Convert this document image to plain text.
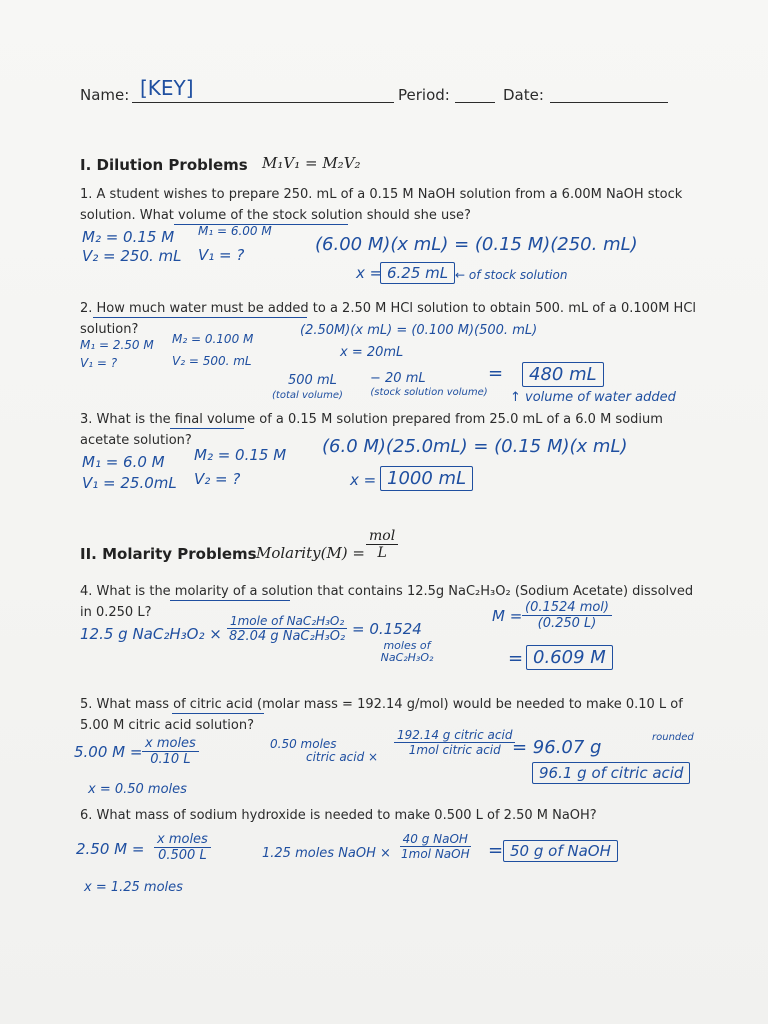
Name: [KEY]	Period:	Date:
I. Dilution Problems M₁V₁ = M₂V₂
1. A student wishes to prepare 250. mL of a 0.15 M NaOH solution from a 6.00M NaOH stock
solution. What volume of the stock solution should she use?
M₂ = 0.15 M M₁ = 6.00 M
V₂ = 250. mL V₁ = ?	(6.00 M)(x mL) = (0.15 M)(250. mL)
x = 6.25 mL ← of stock solution
2. How much water must be added to a 2.50 M HCl solution to obtain 500. mL of a 0.100M HCl
solution?
M₁ = 2.50 M M₂ = 0.100 M
V₁ = ?	V₂ = 500. mL
(2.50M)(x mL) = (0.100 M)(500. mL)
x = 20mL
500 mL	− 20 mL	=	480 mL
(total volume)	(stock solution volume) ↑ volume of water added
3. What is the final volume of a 0.15 M solution prepared from 25.0 mL of a 6.0 M sodium
acetate solution?
M₁ = 6.0 M M₂ = 0.15 M
V₁ = 25.0mL V₂ = ?
(6.0 M)(25.0mL) = (0.15 M)(x mL)
x = 1000 mL
II. Molarity Problems Molarity(M) = $\frac{\text{mol}}{L}$
4. What is the molarity of a solution that contains 12.5g NaC₂H₃O₂ (Sodium Acetate) dissolved
in 0.250 L?
12.5 g $NaC_2H_3O_2 \times \frac{\text{1mole of NaC₂H₃O₂}}{\text{82.04 g NaC₂H₃O₂}} = 0.1524$
moles of NaC₂H₃O₂
$M = \frac{\text{(0.1524 mol)}}{(0.250 L)}$
= 0.609 M
5. What mass of citric acid (molar mass = 192.14 g/mol) would be needed to make 0.10 L of
5.00 M citric acid solution?
5.00 $M = \frac{\text{x moles}}{0.10 L}$
x = 0.50 moles
0.50 moles
citric acid × $\frac{\text{192.14 g citric acid}}{\text{1mol citric acid}}$
= 96.07 g	rounded
96.1 g of citric acid
6. What mass of sodium hydroxide is needed to make 0.500 L of 2.50 M NaOH?
2.50 $M = \frac{\text{x moles}}{0.500 L}$
x = 1.25 moles
1.25 moles NaOH × $\frac{\text{40 g NaOH}}{\text{1mol NaOH}} = 50$ g of NaOH
